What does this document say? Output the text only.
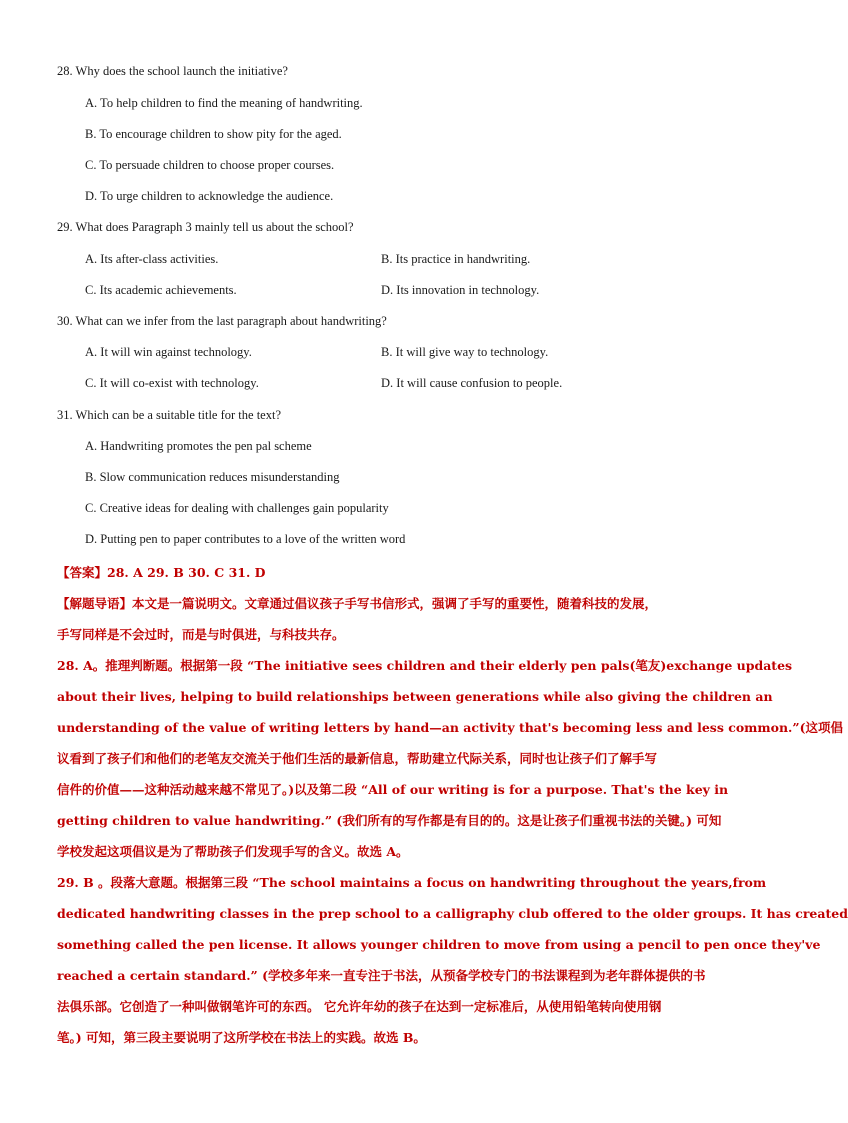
28. Why does the school launch the initiative?
A. To help children to find the meaning of handwriting.
B. To encourage children to show pity for the aged.
C. To persuade children to choose proper courses.
D. To urge children to acknowledge the audience.
29. What does Paragraph 3 mainly tell us about the school?
A. Its after-class activities.	B. Its practice in handwriting.
C. Its academic achievements.	D. Its innovation in technology.
30. What can we infer from the last paragraph about handwriting?
A. It will win against technology.	B. It will give way to technology.
C. It will co-exist with technology.	D. It will cause confusion to people.
31. Which can be a suitable title for the text?
A. Handwriting promotes the pen pal scheme
B. Slow communication reduces misunderstanding
C. Creative ideas for dealing with challenges gain popularity
D. Putting pen to paper contributes to a love of the written word
【答案】28. A 29. B 30. C 31. D
【解题导语】本文是一篇说明文。文章通过倡议孩子手写书信形式，强调了手写的重要性，随着科技的发展，
手写同样是不会过时，而是与时俱进，与科技共存。
28. A。推理判断题。根据第一段 “The initiative sees children and their elderly pen pals(笔友)exchange updates
about their lives, helping to build relationships between generations while also giving the children an
understanding of the value of writing letters by hand—an activity that's becoming less and less common.”(这项倡
议看到了孩子们和他们的老笔友交流关于他们生活的最新信息，帮助建立代际关系，同时也让孩子们了解手写
信件的价值——这种活动越来越不常见了。)以及第二段 “All of our writing is for a purpose. That's the key in
getting children to value handwriting.” (我们所有的写作都是有目的的。这是让孩子们重视书法的关键。) 可知
学校发起这项倡议是为了帮助孩子们发现手写的含义。故选 A。
29. B 。段落大意题。根据第三段 “The school maintains a focus on handwriting throughout the years,from
dedicated handwriting classes in the prep school to a calligraphy club offered to the older groups. It has created
something called the pen license. It allows younger children to move from using a pencil to pen once they've
reached a certain standard.” (学校多年来一直专注于书法，从预备学校专门的书法课程到为老年群体提供的书
法俱乐部。它创造了一种叫做钢笔许可的东西。 它允许年幼的孩子在达到一定标准后，从使用铅笔转向使用钢
笔。) 可知，第三段主要说明了这所学校在书法上的实践。故选 B。
